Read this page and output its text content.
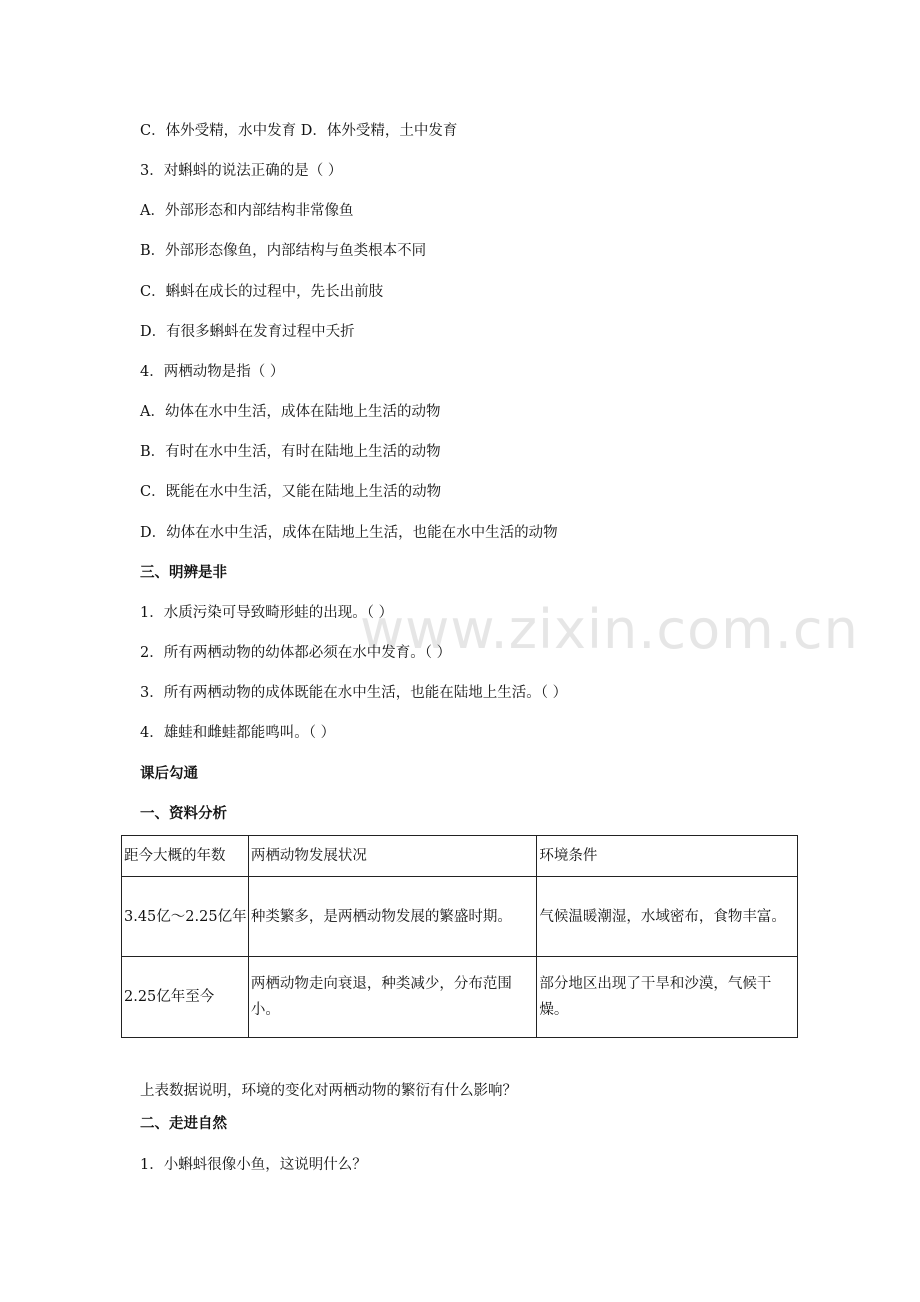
www.zixin.com.cn
C．体外受精，水中发育 D．体外受精，土中发育
3．对蝌蚪的说法正确的是（ ）
A．外部形态和内部结构非常像鱼
B．外部形态像鱼，内部结构与鱼类根本不同
C．蝌蚪在成长的过程中，先长出前肢
D．有很多蝌蚪在发育过程中夭折
4．两栖动物是指（ ）
A．幼体在水中生活，成体在陆地上生活的动物
B．有时在水中生活，有时在陆地上生活的动物
C．既能在水中生活，又能在陆地上生活的动物
D．幼体在水中生活，成体在陆地上生活，也能在水中生活的动物
三、明辨是非
1．水质污染可导致畸形蛙的出现。（ ）
2．所有两栖动物的幼体都必须在水中发育。（ ）
3．所有两栖动物的成体既能在水中生活，也能在陆地上生活。（ ）
4．雄蛙和雌蛙都能鸣叫。（ ）
课后勾通
一、资料分析
距今大概的年数	两栖动物发展状况	环境条件
3.45亿～2.25亿年	种类繁多，是两栖动物发展的繁盛时期。	气候温暖潮湿，水域密布，食物丰富。
2.25亿年至今	两栖动物走向衰退，种类减少，分布范围小。	部分地区出现了干旱和沙漠，气候干燥。
上表数据说明，环境的变化对两栖动物的繁衍有什么影响？
二、走进自然
1．小蝌蚪很像小鱼，这说明什么？
